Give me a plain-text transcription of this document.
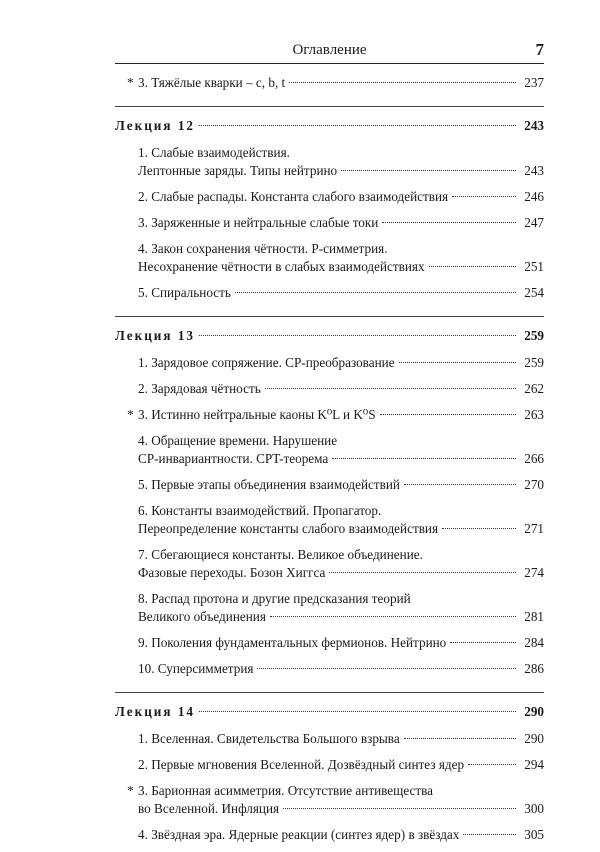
Оглавление	7
* 3. Тяжёлые кварки – c, b, t	237
Лекция 12	243
1. Слабые взаимодействия.
Лептонные заряды. Типы нейтрино	243
2. Слабые распады. Константа слабого взаимодействия	246
3. Заряженные и нейтральные слабые токи	247
4. Закон сохранения чётности. P-симметрия.
Несохранение чётности в слабых взаимодействиях	251
5. Спиральность	254
Лекция 13	259
1. Зарядовое сопряжение. CP-преобразование	259
2. Зарядовая чётность	262
* 3. Истинно нейтральные каоны K⁰L и K⁰S	263
4. Обращение времени. Нарушение
CP-инвариантности. CPT-теорема	266
5. Первые этапы объединения взаимодействий	270
6. Константы взаимодействий. Пропагатор.
Переопределение константы слабого взаимодействия	271
7. Сбегающиеся константы. Великое объединение.
Фазовые переходы. Бозон Хиггса	274
8. Распад протона и другие предсказания теорий
Великого объединения	281
9. Поколения фундаментальных фермионов. Нейтрино	284
10. Суперсимметрия	286
Лекция 14	290
1. Вселенная. Свидетельства Большого взрыва	290
2. Первые мгновения Вселенной. Дозвёздный синтез ядер	294
* 3. Барионная асимметрия. Отсутствие антивещества
во Вселенной. Инфляция	300
4. Звёздная эра. Ядерные реакции (синтез ядер) в звёздах	305
